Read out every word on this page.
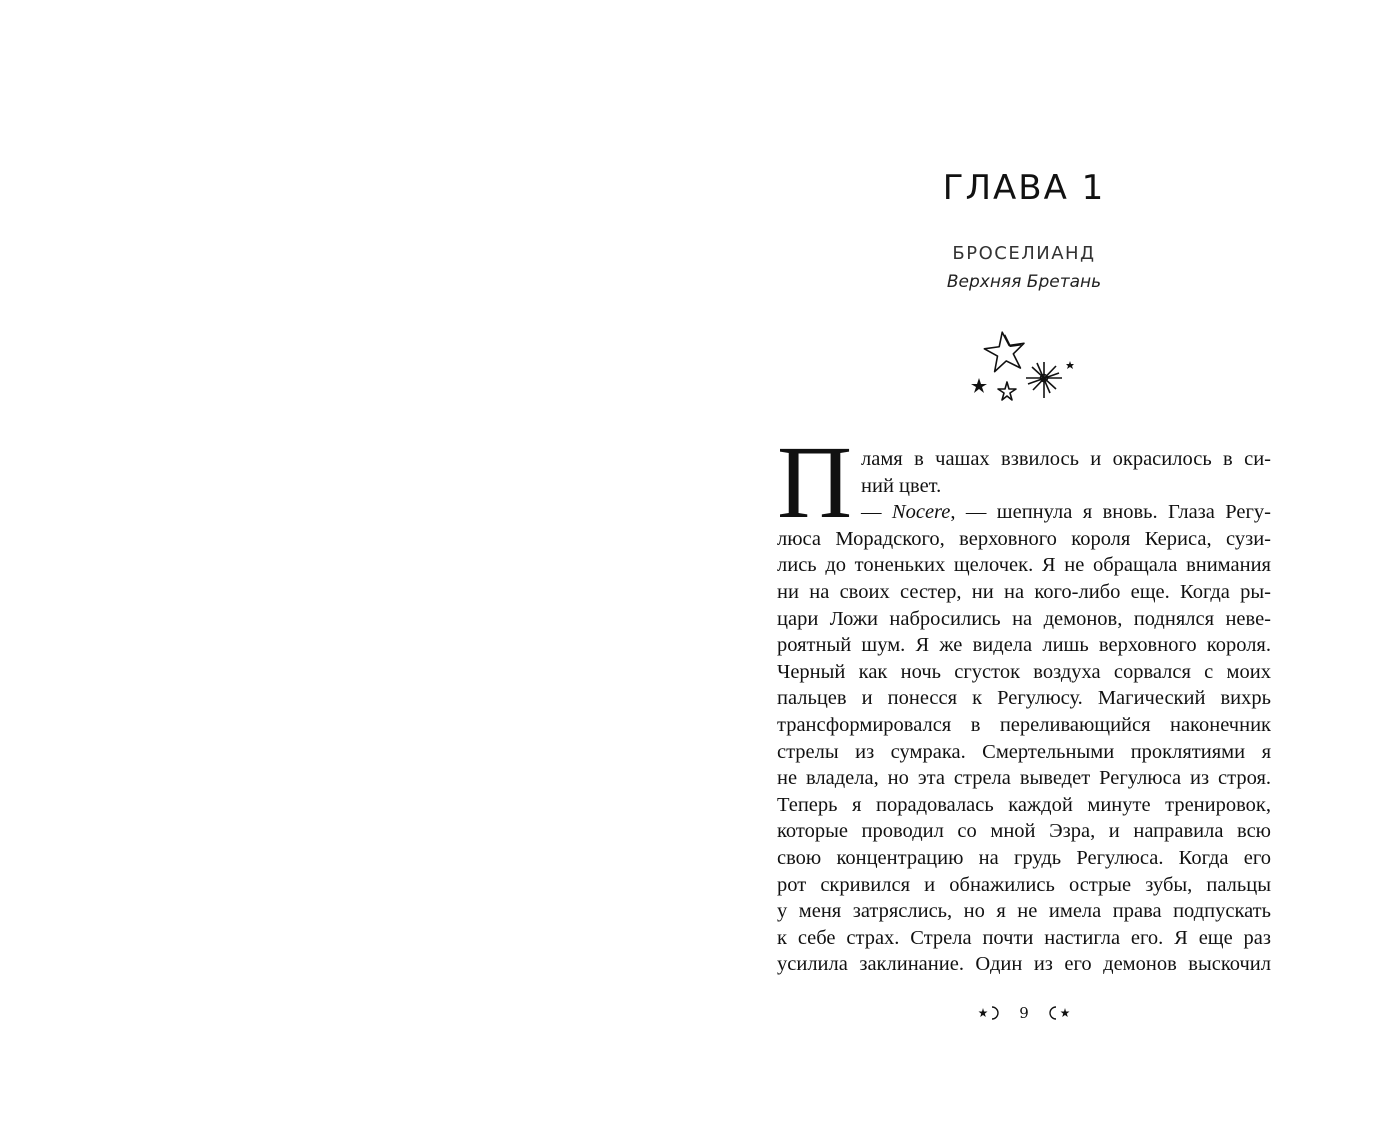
ГЛАВА 1
БРОСЕЛИАНД
Верхняя Бретань
П ламя в чашах взвилось и окрасилось в си-
ний цвет.
— Nocere, — шепнула я вновь. Глаза Регу-
люса Морадского, верховного короля Кериса, сузи-
лись до тоненьких щелочек. Я не обращала внимания
ни на своих сестер, ни на кого-либо еще. Когда ры-
цари Ложи набросились на демонов, поднялся неве-
роятный шум. Я же видела лишь верховного короля.
Черный как ночь сгусток воздуха сорвался с моих
пальцев и понесся к Регулюсу. Магический вихрь
трансформировался в переливающийся наконечник
стрелы из сумрака. Смертельными проклятиями я
не владела, но эта стрела выведет Регулюса из строя.
Теперь я порадовалась каждой минуте тренировок,
которые проводил со мной Эзра, и направила всю
свою концентрацию на грудь Регулюса. Когда его
рот скривился и обнажились острые зубы, пальцы
у меня затряслись, но я не имела права подпускать
к себе страх. Стрела почти настигла его. Я еще раз
усилила заклинание. Один из его демонов выскочил
9
